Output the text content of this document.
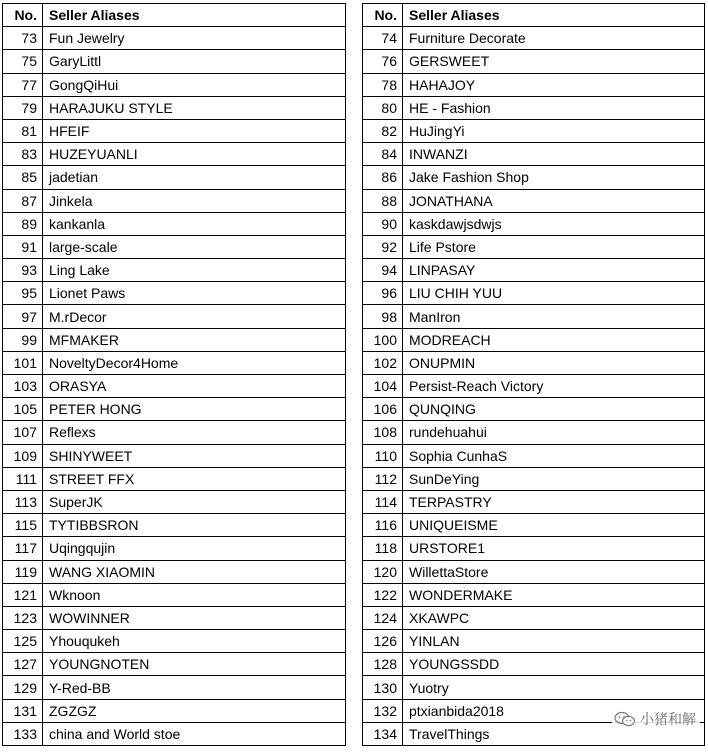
No.	Seller Aliases
73	Fun Jewelry
75	GaryLittl
77	GongQiHui
79	HARAJUKU STYLE
81	HFEIF
83	HUZEYUANLI
85	jadetian
87	Jinkela
89	kankanla
91	large-scale
93	Ling Lake
95	Lionet Paws
97	M.rDecor
99	MFMAKER
101	NoveltyDecor4Home
103	ORASYA
105	PETER HONG
107	Reflexs
109	SHINYWEET
111	STREET FFX
113	SuperJK
115	TYTIBBSRON
117	Uqingqujin
119	WANG XIAOMIN
121	Wknoon
123	WOWINNER
125	Yhouqukeh
127	YOUNGNOTEN
129	Y-Red-BB
131	ZGZGZ
133	china and World stoe
No.	Seller Aliases
74	Furniture Decorate
76	GERSWEET
78	HAHAJOY
80	HE - Fashion
82	HuJingYi
84	INWANZI
86	Jake Fashion Shop
88	JONATHANA
90	kaskdawjsdwjs
92	Life Pstore
94	LINPASAY
96	LIU CHIH YUU
98	ManIron
100	MODREACH
102	ONUPMIN
104	Persist-Reach Victory
106	QUNQING
108	rundehuahui
110	Sophia CunhaS
112	SunDeYing
114	TERPASTRY
116	UNIQUEISME
118	URSTORE1
120	WillettaStore
122	WONDERMAKE
124	XKAWPC
126	YINLAN
128	YOUNGSSDD
130	Yuotry
132	ptxianbida2018
134	TravelThings
小猪和解
